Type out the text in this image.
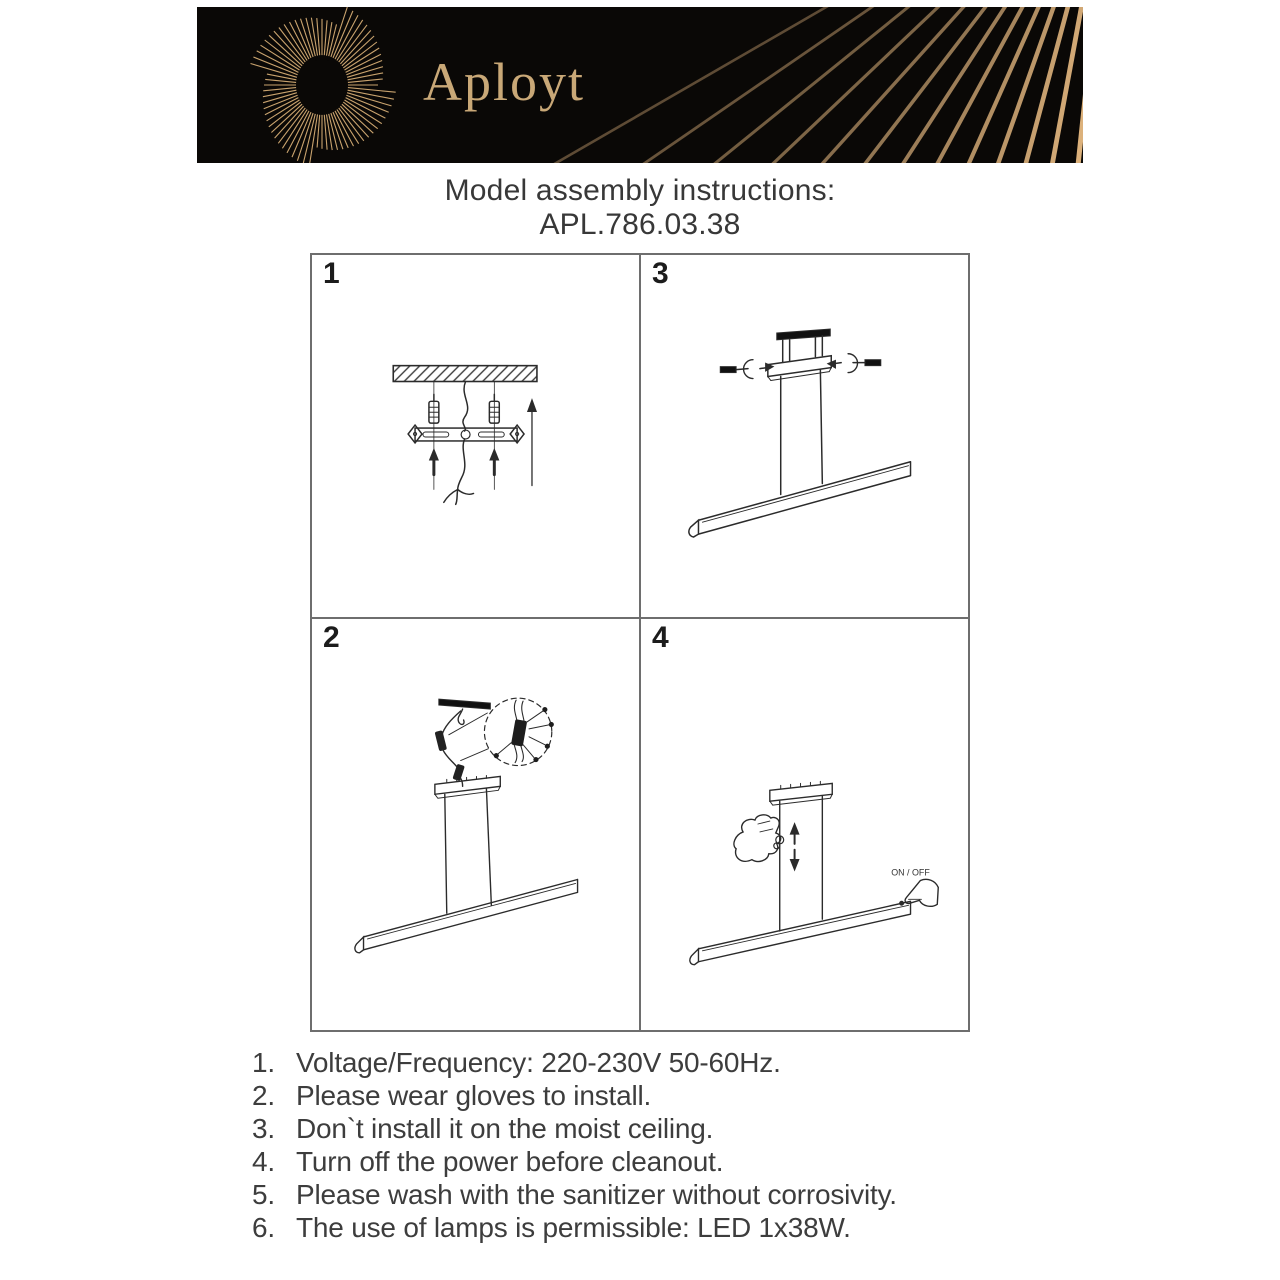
Aployt
Model assembly instructions:
APL.786.03.38
1	3
2	4
ON / OFF
1. Voltage/Frequency: 220-230V 50-60Hz.
2. Please wear gloves to install.
3. Don`t install it on the moist ceiling.
4. Turn off the power before cleanout.
5. Please wash with the sanitizer without corrosivity.
6. The use of lamps is permissible: LED 1x38W.
